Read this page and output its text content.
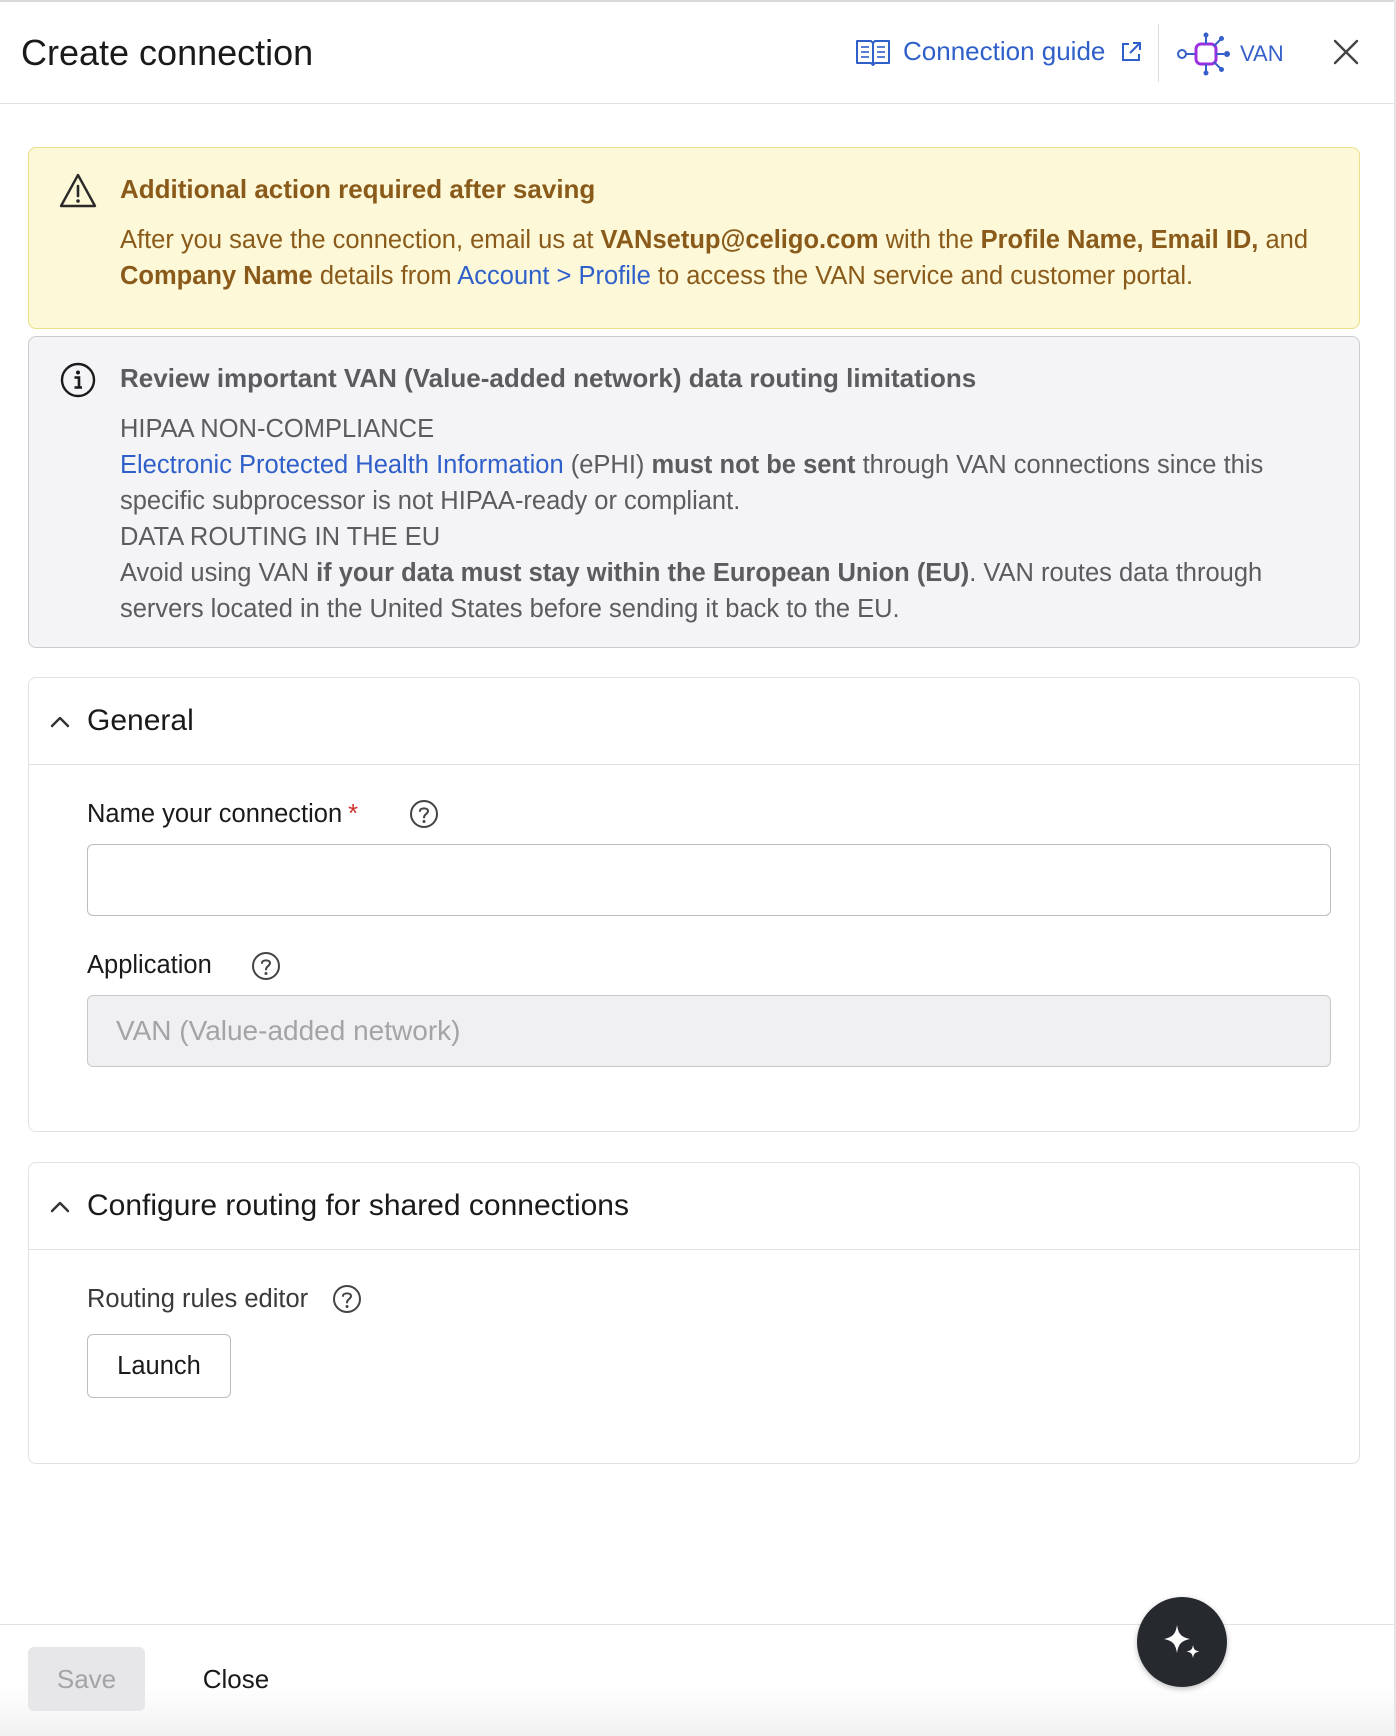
Create connection	Connection guide	VAN
Additional action required after saving
After you save the connection, email us at VANsetup@celigo.com with the Profile Name, Email ID, and Company Name details from Account > Profile to access the VAN service and customer portal.
Review important VAN (Value-added network) data routing limitations
HIPAA NON-COMPLIANCE
Electronic Protected Health Information (ePHI) must not be sent through VAN connections since this specific subprocessor is not HIPAA-ready or compliant.
DATA ROUTING IN THE EU
Avoid using VAN if your data must stay within the European Union (EU). VAN routes data through servers located in the United States before sending it back to the EU.
General
Name your connection *
Application
VAN (Value-added network)
Configure routing for shared connections
Routing rules editor
Launch
Save	Close
